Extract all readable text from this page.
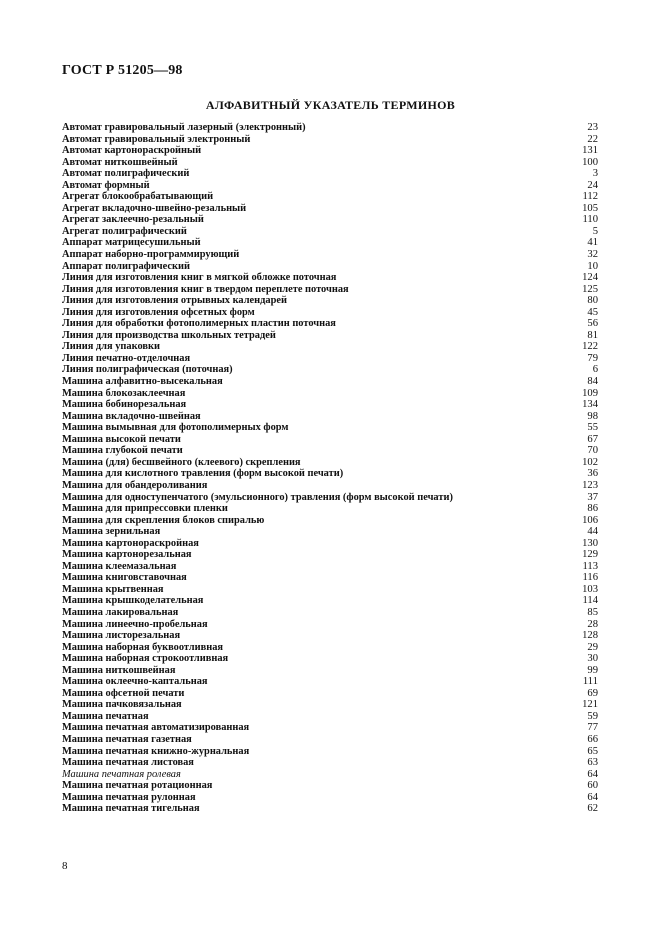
ГОСТ Р 51205—98
АЛФАВИТНЫЙ УКАЗАТЕЛЬ ТЕРМИНОВ
Автомат гравировальный лазерный (электронный)	23
Автомат гравировальный электронный	22
Автомат картонораскройный	131
Автомат ниткошвейный	100
Автомат полиграфический	3
Автомат формный	24
Агрегат блокообрабатывающий	112
Агрегат вкладочно-швейно-резальный	105
Агрегат заклеечно-резальный	110
Агрегат полиграфический	5
Аппарат матрицесушильный	41
Аппарат наборно-программирующий	32
Аппарат полиграфический	10
Линия для изготовления книг в мягкой обложке поточная	124
Линия для изготовления книг в твердом переплете поточная	125
Линия для изготовления отрывных календарей	80
Линия для изготовления офсетных форм	45
Линия для обработки фотополимерных пластин поточная	56
Линия для производства школьных тетрадей	81
Линия для упаковки	122
Линия печатно-отделочная	79
Линия полиграфическая (поточная)	6
Машина алфавитно-высекальная	84
Машина блокозаклеечная	109
Машина бобинорезальная	134
Машина вкладочно-швейная	98
Машина вымывная для фотополимерных форм	55
Машина высокой печати	67
Машина глубокой печати	70
Машина (для) бесшвейного (клеевого) скрепления	102
Машина для кислотного травления (форм высокой печати)	36
Машина для обандероливания	123
Машина для одноступенчатого (эмульсионного) травления (форм высокой печати)	37
Машина для припрессовки пленки	86
Машина для скрепления блоков спиралью	106
Машина зернильная	44
Машина картонораскройная	130
Машина картонорезальная	129
Машина клеемазальная	113
Машина книговставочная	116
Машина крытвенная	103
Машина крышкоделательная	114
Машина лакировальная	85
Машина линеечно-пробельная	28
Машина листорезальная	128
Машина наборная буквоотливная	29
Машина наборная строкоотливная	30
Машина ниткошвейная	99
Машина оклеечно-каптальная	111
Машина офсетной печати	69
Машина пачковязальная	121
Машина печатная	59
Машина печатная автоматизированная	77
Машина печатная газетная	66
Машина печатная книжно-журнальная	65
Машина печатная листовая	63
Машина печатная ролевая	64
Машина печатная ротационная	60
Машина печатная рулонная	64
Машина печатная тигельная	62
8
